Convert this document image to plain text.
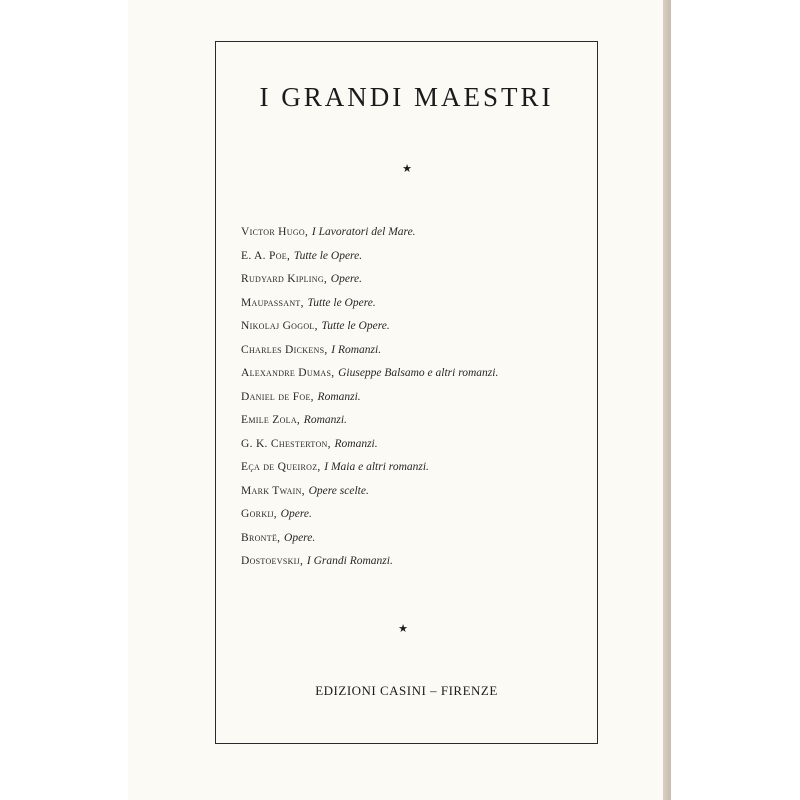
I GRANDI MAESTRI
★
Victor Hugo, I Lavoratori del Mare.
E. A. Poe, Tutte le Opere.
Rudyard Kipling, Opere.
Maupassant, Tutte le Opere.
Nikolaj Gogol, Tutte le Opere.
Charles Dickens, I Romanzi.
Alexandre Dumas, Giuseppe Balsamo e altri romanzi.
Daniel de Foe, Romanzi.
Emile Zola, Romanzi.
G. K. Chesterton, Romanzi.
Eça de Queiroz, I Maia e altri romanzi.
Mark Twain, Opere scelte.
Gorkij, Opere.
Brontë, Opere.
Dostoevskij, I Grandi Romanzi.
★
EDIZIONI CASINI – FIRENZE
